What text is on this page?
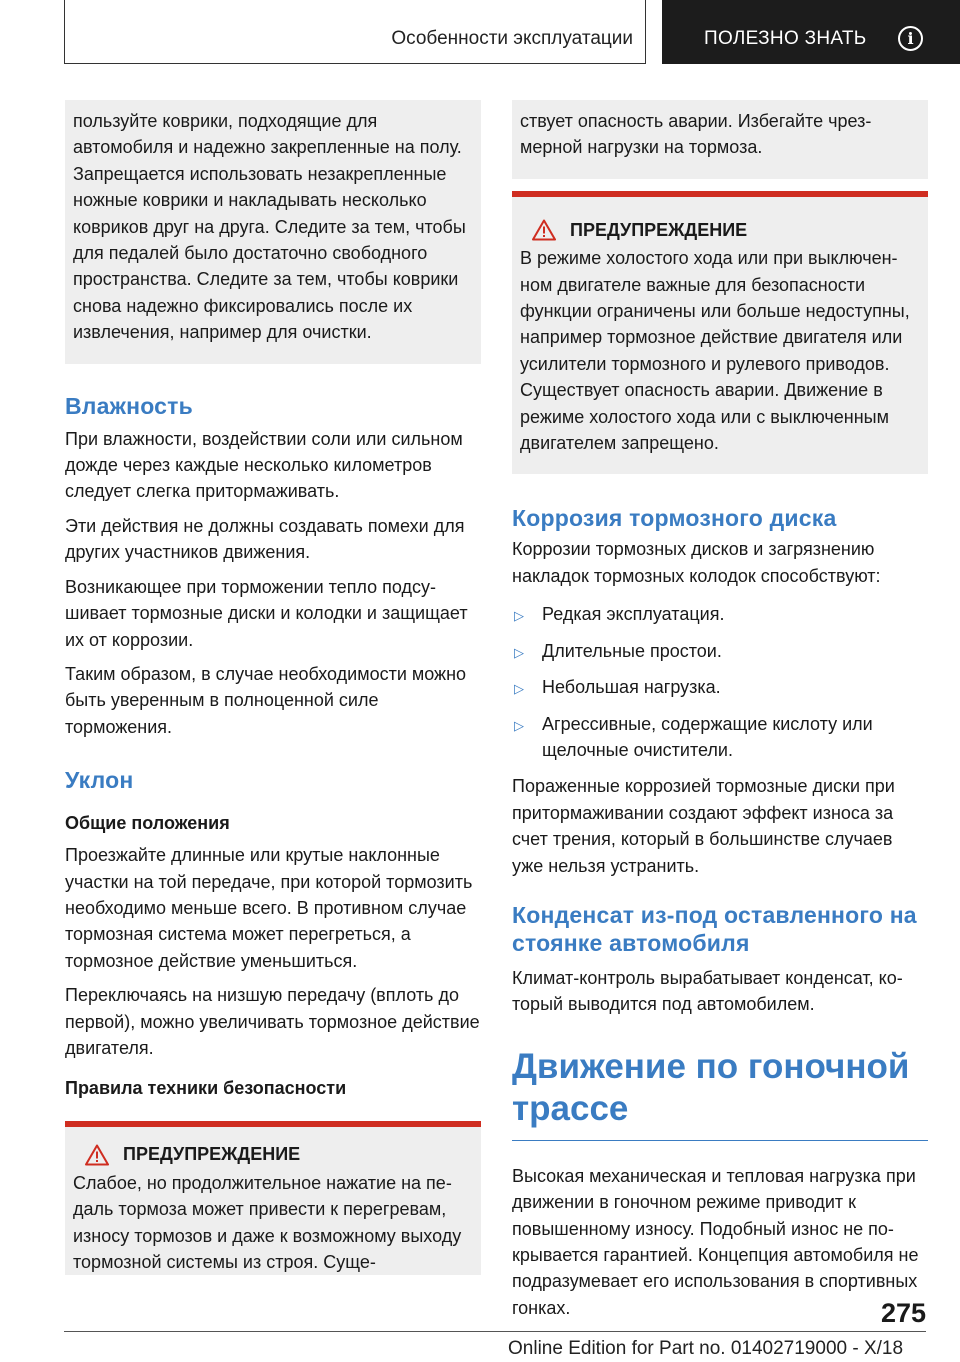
Особенности эксплуатации	ПОЛЕЗНО ЗНАТЬ	i

пользуйте коврики, подходящие для автомобиля и надежно закрепленные на полу. Запрещается использовать незакрепленные ножные коврики и накладывать несколько ковриков друг на друга. Следите за тем, чтобы для педалей было достаточно свободного пространства. Следите за тем, чтобы коврики снова надежно фиксировались после их извлечения, например для очистки.

Влажность

При влажности, воздействии соли или сильном дожде через каждые несколько километров следует слегка притормаживать.

Эти действия не должны создавать помехи для других участников движения.

Возникающее при торможении тепло подсушивает тормозные диски и колодки и защищает их от коррозии.

Таким образом, в случае необходимости можно быть уверенным в полноценной силе торможения.

Уклон
Общие положения

Проезжайте длинные или крутые наклонные участки на той передаче, при которой тормозить необходимо меньше всего. В противном случае тормозная система может перегреться, а тормозное действие уменьшиться.

Переключаясь на низшую передачу (вплоть до первой), можно увеличивать тормозное действие двигателя.

Правила техники безопасности
ПРЕДУПРЕЖДЕНИЕ

Слабое, но продолжительное нажатие на педаль тормоза может привести к перегревам, износу тормозов и даже к возможному выходу тормозной системы из строя. Суще-

ствует опасность аварии. Избегайте чрезмерной нагрузки на тормоза.

ПРЕДУПРЕЖДЕНИЕ

В режиме холостого хода или при выключенном двигателе важные для безопасности функции ограничены или больше недоступны, например тормозное действие двигателя или усилители тормозного и рулевого приводов. Существует опасность аварии. Движение в режиме холостого хода или с выключенным двигателем запрещено.

Коррозия тормозного диска

Коррозии тормозных дисков и загрязнению накладок тормозных колодок способствуют:

▷ Редкая эксплуатация.
▷ Длительные простои.
▷ Небольшая нагрузка.
▷ Агрессивные, содержащие кислоту или щелочные очистители.

Пораженные коррозией тормозные диски при притормаживании создают эффект износа за счет трения, который в большинстве случаев уже нельзя устранить.

Конденсат из-под оставленного на стоянке автомобиля

Климат-контроль вырабатывает конденсат, который выводится под автомобилем.

Движение по гоночной трассе

Высокая механическая и тепловая нагрузка при движении в гоночном режиме приводит к повышенному износу. Подобный износ не покрывается гарантией. Концепция автомобиля не подразумевает его использования в спортивных гонках.	275
Online Edition for Part no. 01402719000 - X/18
